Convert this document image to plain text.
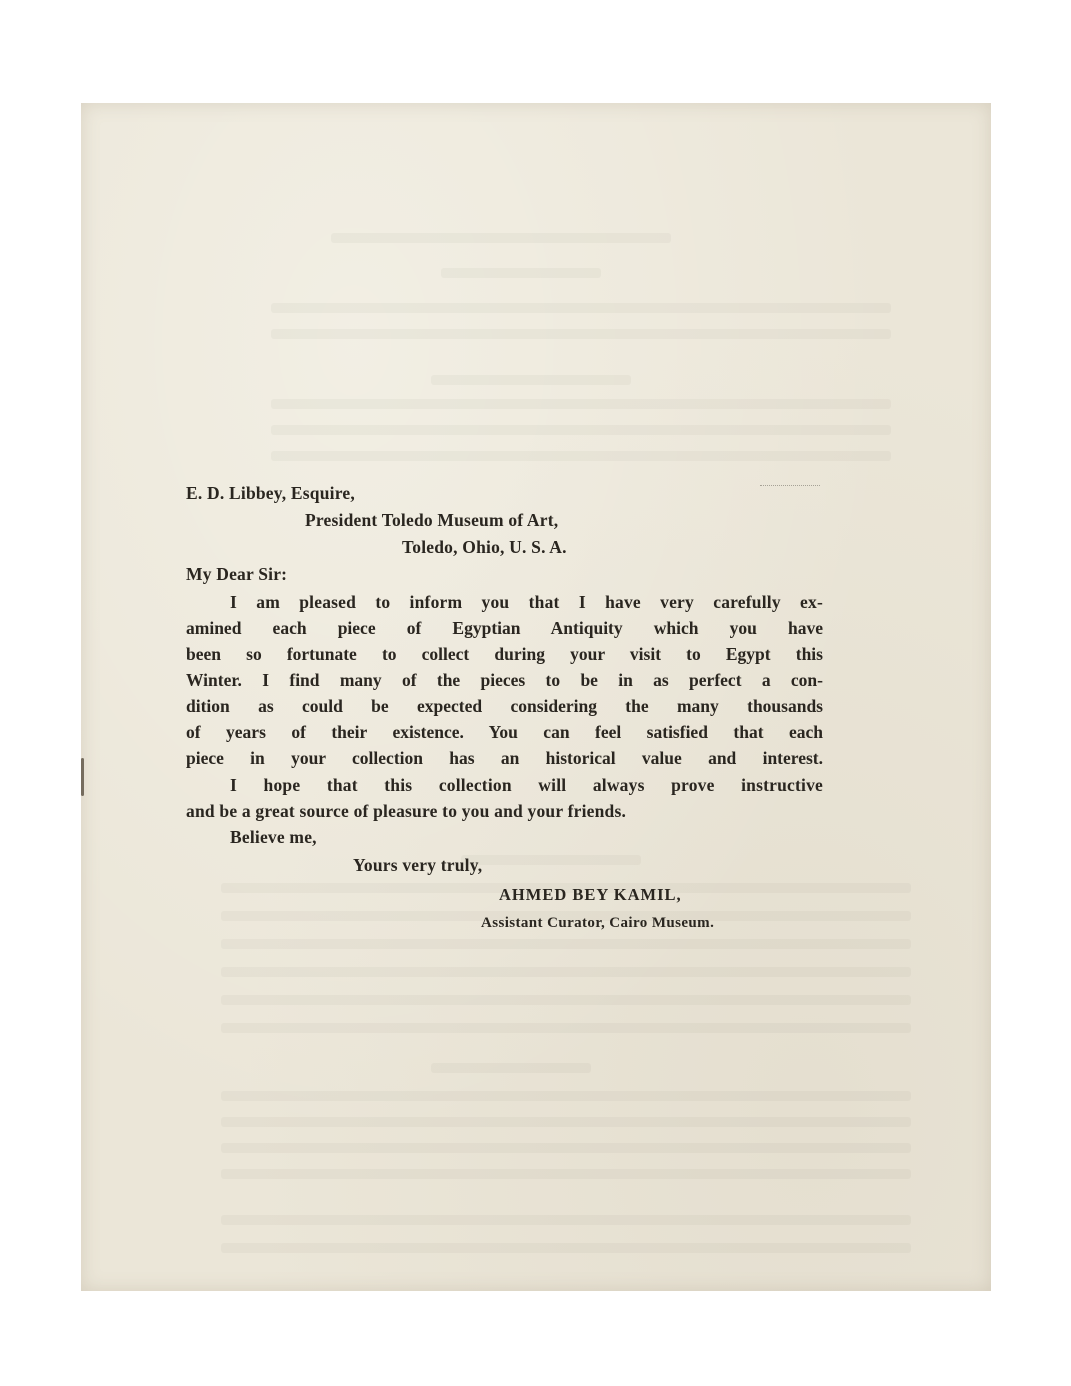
E. D. Libbey, Esquire,
President Toledo Museum of Art,
Toledo, Ohio, U. S. A.
My Dear Sir:
I am pleased to inform you that I have very carefully ex-
amined each piece of Egyptian Antiquity which you have
been so fortunate to collect during your visit to Egypt this
Winter. I find many of the pieces to be in as perfect a con-
dition as could be expected considering the many thousands
of years of their existence. You can feel satisfied that each
piece in your collection has an historical value and interest.
I hope that this collection will always prove instructive
and be a great source of pleasure to you and your friends.
Believe me,
Yours very truly,
AHMED BEY KAMIL,
Assistant Curator, Cairo Museum.
